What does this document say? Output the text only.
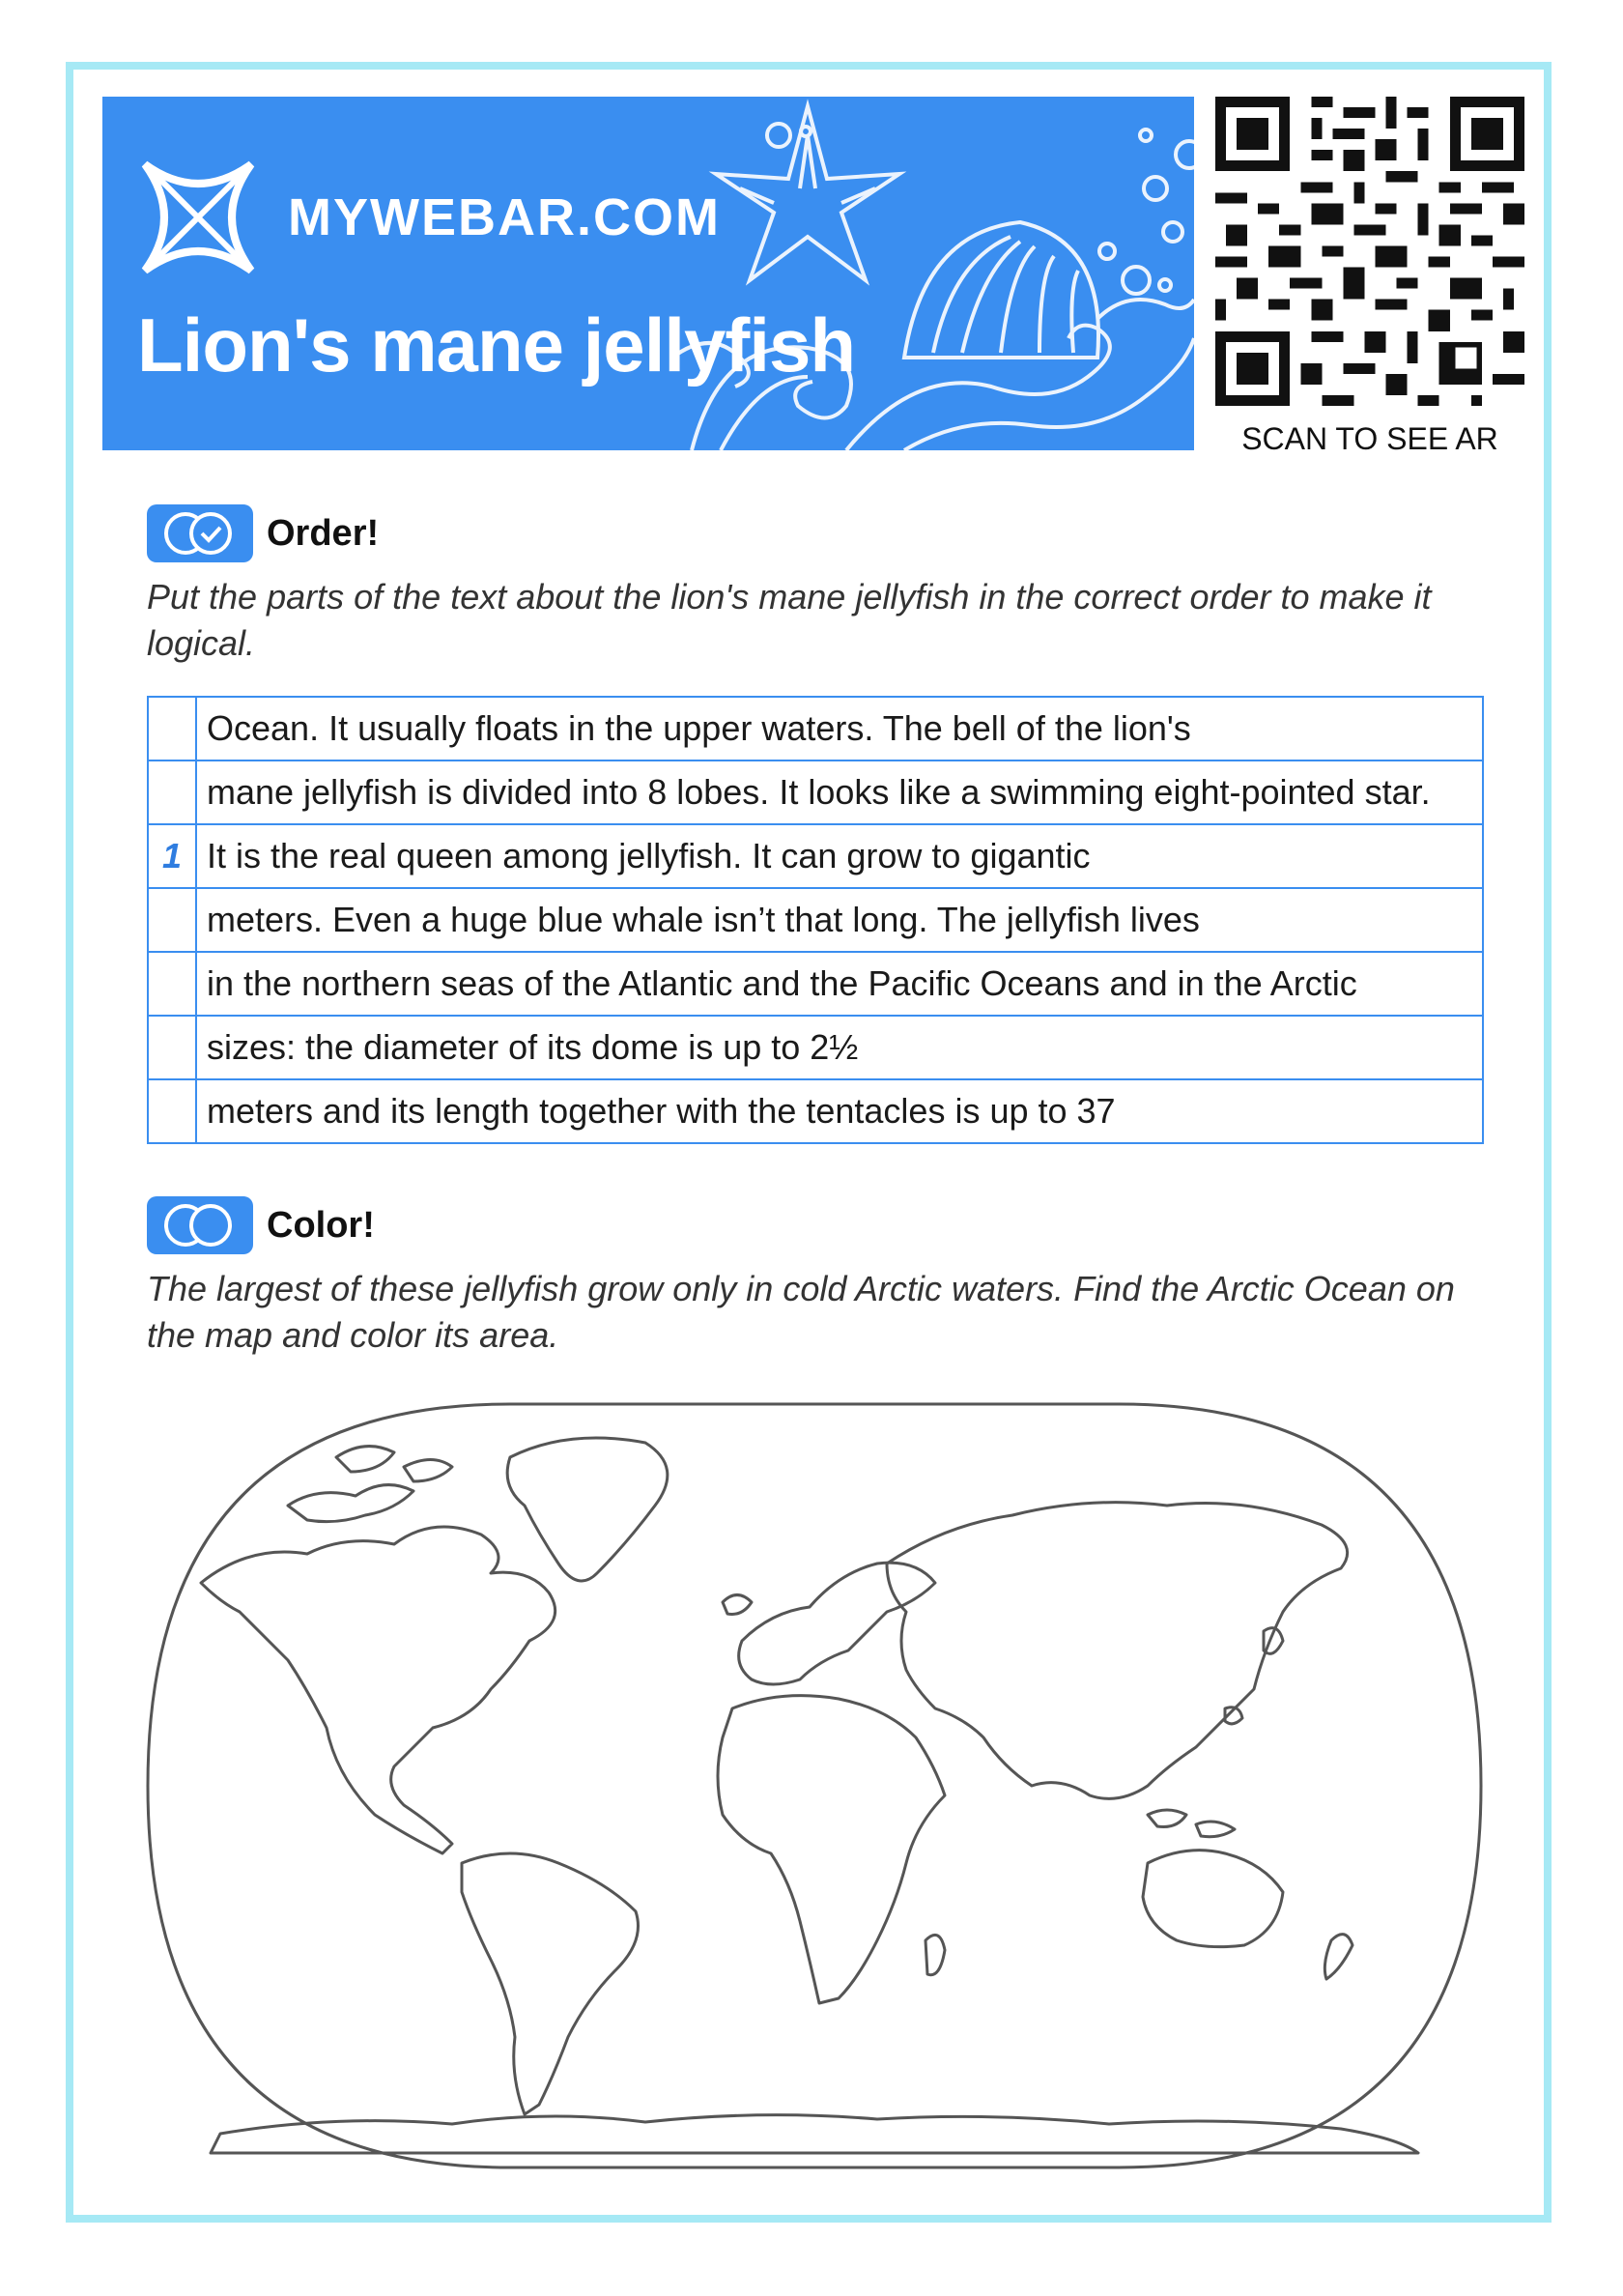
MYWEBAR.COM
Lion's mane jellyfish
SCAN TO SEE AR
Order!
Put the parts of the text about the lion's mane jellyfish in the correct order to make it logical.
	Ocean. It usually floats in the upper waters. The bell of the lion's
	mane jellyfish is divided into 8 lobes. It looks like a swimming eight-pointed star.
1	It is the real queen among jellyfish. It can grow to gigantic
	meters. Even a huge blue whale isn’t that long. The jellyfish lives
	in the northern seas of the Atlantic and the Pacific Oceans and in the Arctic
	sizes: the diameter of its dome is up to 2½
	meters and its length together with the tentacles is up to 37
Color!
The largest of these jellyfish grow only in cold Arctic waters. Find the Arctic Ocean on the map and color its area.
